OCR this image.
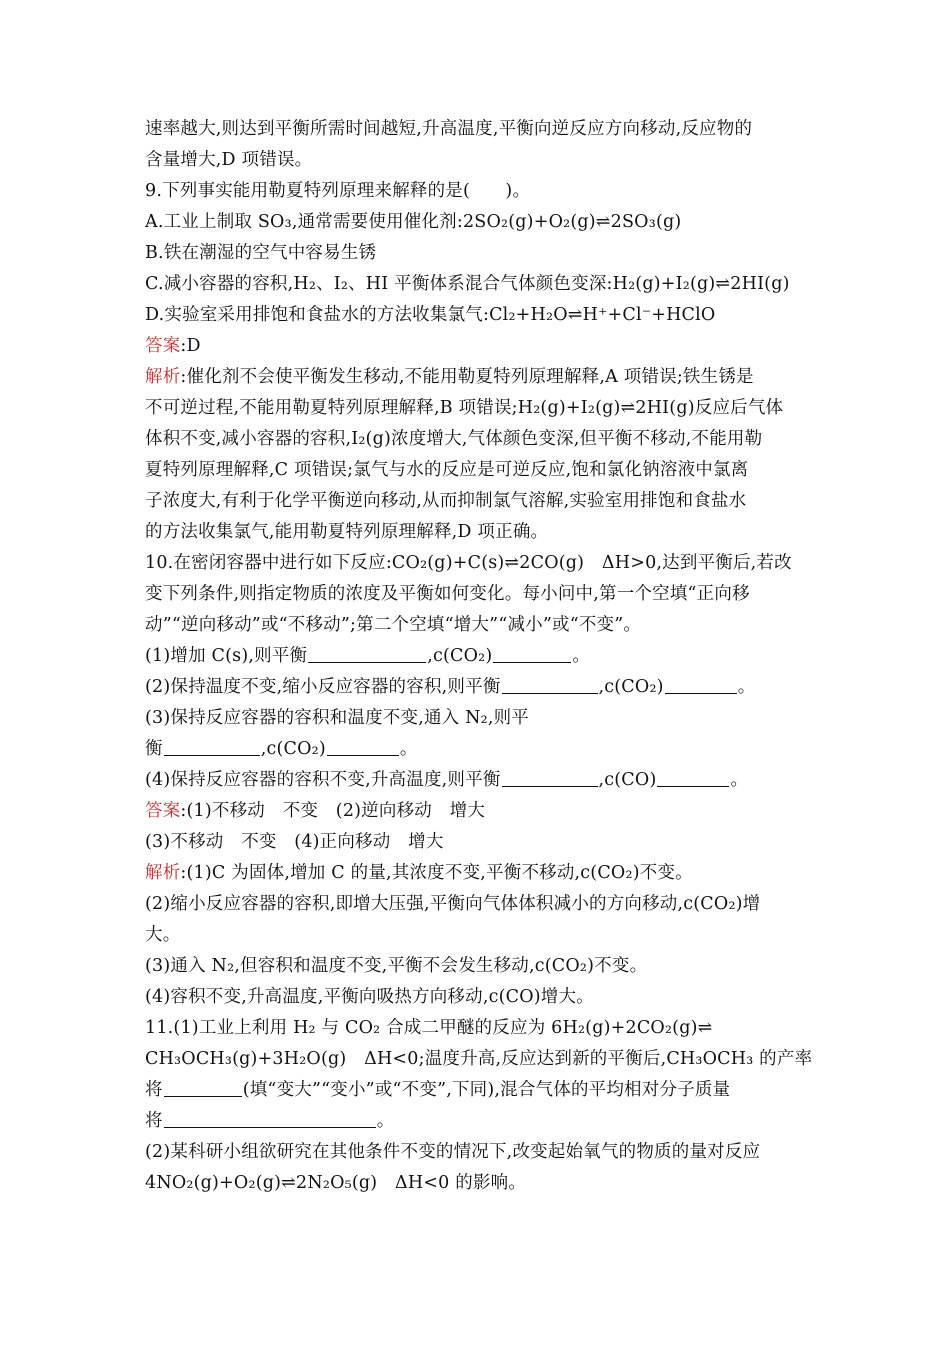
速率越大,则达到平衡所需时间越短,升高温度,平衡向逆反应方向移动,反应物的
含量增大,D 项错误。
9.下列事实能用勒夏特列原理来解释的是(　　)。
A.工业上制取 SO₃,通常需要使用催化剂:2SO₂(g)+O₂(g)⇌2SO₃(g)
B.铁在潮湿的空气中容易生锈
C.减小容器的容积,H₂、I₂、HI 平衡体系混合气体颜色变深:H₂(g)+I₂(g)⇌2HI(g)
D.实验室采用排饱和食盐水的方法收集氯气:Cl₂+H₂O⇌H⁺+Cl⁻+HClO
答案:D
解析:催化剂不会使平衡发生移动,不能用勒夏特列原理解释,A 项错误;铁生锈是
不可逆过程,不能用勒夏特列原理解释,B 项错误;H₂(g)+I₂(g)⇌2HI(g)反应后气体
体积不变,减小容器的容积,I₂(g)浓度增大,气体颜色变深,但平衡不移动,不能用勒
夏特列原理解释,C 项错误;氯气与水的反应是可逆反应,饱和氯化钠溶液中氯离
子浓度大,有利于化学平衡逆向移动,从而抑制氯气溶解,实验室用排饱和食盐水
的方法收集氯气,能用勒夏特列原理解释,D 项正确。
10.在密闭容器中进行如下反应:CO₂(g)+C(s)⇌2CO(g)　ΔH>0,达到平衡后,若改
变下列条件,则指定物质的浓度及平衡如何变化。每小问中,第一个空填“正向移
动”“逆向移动”或“不移动”;第二个空填“增大”“减小”或“不变”。
(1)增加 C(s),则平衡	,c(CO₂)	。
(2)保持温度不变,缩小反应容器的容积,则平衡	,c(CO₂)	。
(3)保持反应容器的容积和温度不变,通入 N₂,则平
衡	,c(CO₂)	。
(4)保持反应容器的容积不变,升高温度,则平衡	,c(CO)	。
答案:(1)不移动　不变　(2)逆向移动　增大
(3)不移动　不变　(4)正向移动　增大
解析:(1)C 为固体,增加 C 的量,其浓度不变,平衡不移动,c(CO₂)不变。
(2)缩小反应容器的容积,即增大压强,平衡向气体体积减小的方向移动,c(CO₂)增
大。
(3)通入 N₂,但容积和温度不变,平衡不会发生移动,c(CO₂)不变。
(4)容积不变,升高温度,平衡向吸热方向移动,c(CO)增大。
11.(1)工业上利用 H₂ 与 CO₂ 合成二甲醚的反应为 6H₂(g)+2CO₂(g)⇌
CH₃OCH₃(g)+3H₂O(g)　ΔH<0;温度升高,反应达到新的平衡后,CH₃OCH₃ 的产率
将	(填“变大”“变小”或“不变”,下同),混合气体的平均相对分子质量
将	。
(2)某科研小组欲研究在其他条件不变的情况下,改变起始氧气的物质的量对反应
4NO₂(g)+O₂(g)⇌2N₂O₅(g)　ΔH<0 的影响。
